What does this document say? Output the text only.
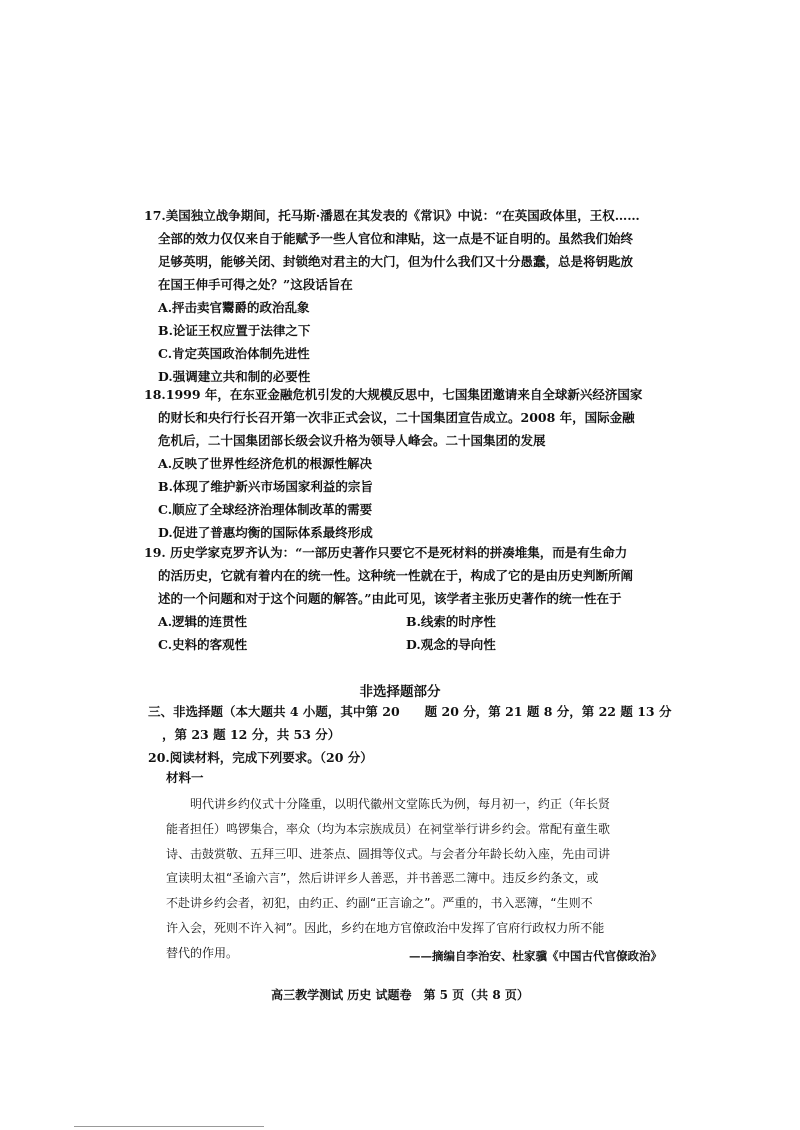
17.美国独立战争期间，托马斯·潘恩在其发表的《常识》中说：“在英国政体里，王权……
全部的效力仅仅来自于能赋予一些人官位和津贴，这一点是不证自明的。虽然我们始终
足够英明，能够关闭、封锁绝对君主的大门，但为什么我们又十分愚蠢，总是将钥匙放
在国王伸手可得之处？”这段话旨在
A.抨击卖官鬻爵的政治乱象
B.论证王权应置于法律之下
C.肯定英国政治体制先进性
D.强调建立共和制的必要性
18.1999 年，在东亚金融危机引发的大规模反思中，七国集团邀请来自全球新兴经济国家
的财长和央行行长召开第一次非正式会议，二十国集团宣告成立。2008 年，国际金融
危机后，二十国集团部长级会议升格为领导人峰会。二十国集团的发展
A.反映了世界性经济危机的根源性解决
B.体现了维护新兴市场国家利益的宗旨
C.顺应了全球经济治理体制改革的需要
D.促进了普惠均衡的国际体系最终形成
19. 历史学家克罗齐认为：“一部历史著作只要它不是死材料的拼凑堆集，而是有生命力
的活历史，它就有着内在的统一性。这种统一性就在于，构成了它的是由历史判断所阐
述的一个问题和对于这个问题的解答。”由此可见，该学者主张历史著作的统一性在于
A.逻辑的连贯性	B.线索的时序性
C.史料的客观性	D.观念的导向性
非选择题部分
三、非选择题（本大题共 4 小题，其中第 20　　题 20 分，第 21 题 8 分，第 22 题 13 分
，第 23 题 12 分，共 53 分）
20.阅读材料，完成下列要求。（20 分）
材料一
　　明代讲乡约仪式十分隆重，以明代徽州文堂陈氏为例，每月初一，约正（年长贤
能者担任）鸣锣集合，率众（均为本宗族成员）在祠堂举行讲乡约会。常配有童生歌
诗、击鼓赏敬、五拜三叩、进茶点、圆揖等仪式。与会者分年龄长幼入座，先由司讲
宣读明太祖“圣谕六言”，然后讲评乡人善恶，并书善恶二簿中。违反乡约条文，或
不赴讲乡约会者，初犯，由约正、约副“正言谕之”。严重的，书入恶簿，“生则不
许入会，死则不许入祠”。因此，乡约在地方官僚政治中发挥了官府行政权力所不能
替代的作用。	——摘编自李治安、杜家骥《中国古代官僚政治》
高三教学测试 历史 试题卷　第 5 页（共 8 页）
